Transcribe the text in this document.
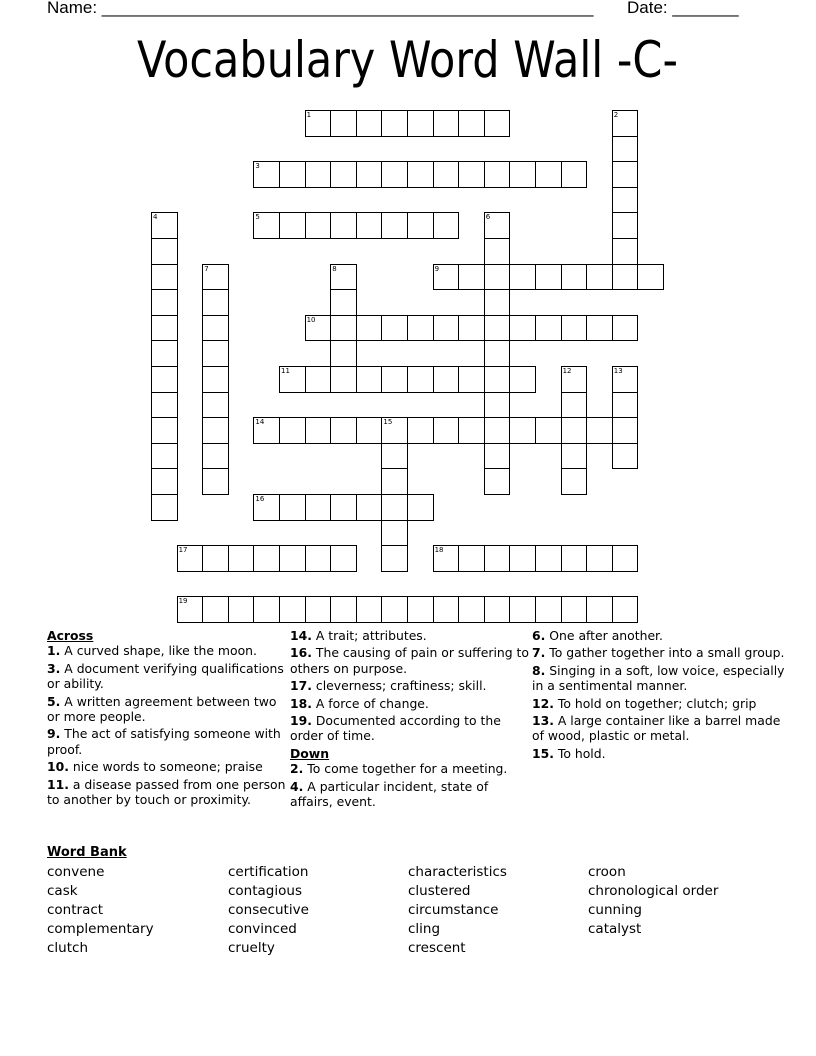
Name: ____________________________________________________ Date: _______
Vocabulary Word Wall -C-
1	2
3
4	5	6
7	8	9
10
11	12	13
14	15
16
17	18
19
Across
1. A curved shape, like the moon.
3. A document verifying qualifications or ability.
5. A written agreement between two or more people.
9. The act of satisfying someone with proof.
10. nice words to someone; praise
11. a disease passed from one person to another by touch or proximity.
14. A trait; attributes.
16. The causing of pain or suffering to others on purpose.
17. cleverness; craftiness; skill.
18. A force of change.
19. Documented according to the order of time.
Down
2. To come together for a meeting.
4. A particular incident, state of affairs, event.
6. One after another.
7. To gather together into a small group.
8. Singing in a soft, low voice, especially in a sentimental manner.
12. To hold on together; clutch; grip
13. A large container like a barrel made of wood, plastic or metal.
15. To hold.
Word Bank
convene
cask
contract
complementary
clutch
certification
contagious
consecutive
convinced
cruelty
characteristics
clustered
circumstance
cling
crescent
croon
chronological order
cunning
catalyst
